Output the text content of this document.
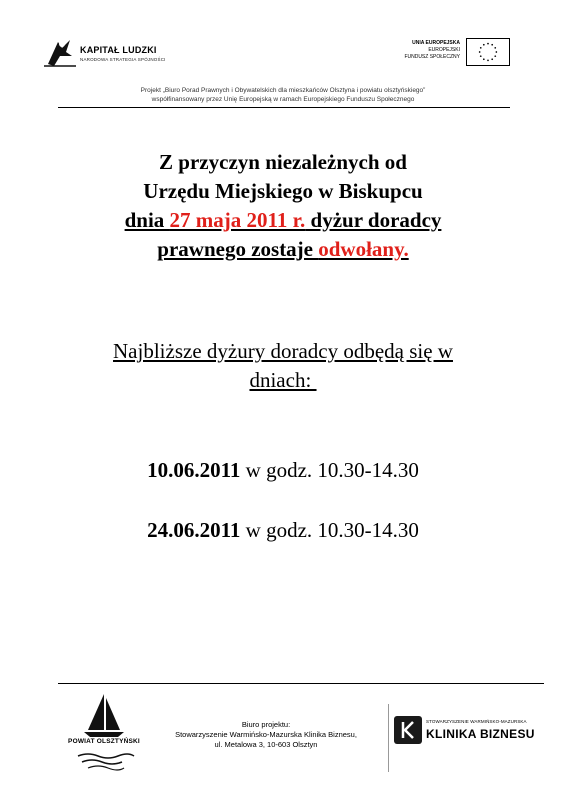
KAPITAŁ LUDZKI
NARODOWA STRATEGIA SPÓJNOŚCI
UNIA EUROPEJSKA
EUROPEJSKI
FUNDUSZ SPOŁECZNY
Projekt „Biuro Porad Prawnych i Obywatelskich dla mieszkańców Olsztyna i powiatu olsztyńskiego”
współfinansowany przez Unię Europejską w ramach Europejskiego Funduszu Społecznego
Z przyczyn niezależnych od
Urzędu Miejskiego w Biskupcu
dnia 27 maja 2011 r. dyżur doradcy
prawnego zostaje odwołany.
Najbliższe dyżury doradcy odbędą się w
dniach:
10.06.2011 w godz. 10.30-14.30
24.06.2011 w godz. 10.30-14.30
POWIAT OLSZTYŃSKI
Biuro projektu:
Stowarzyszenie Warmińsko-Mazurska Klinika Biznesu,
ul. Metalowa 3, 10-603 Olsztyn
STOWARZYSZENIE WARMIŃSKO-MAZURSKA
KLINIKA BIZNESU
